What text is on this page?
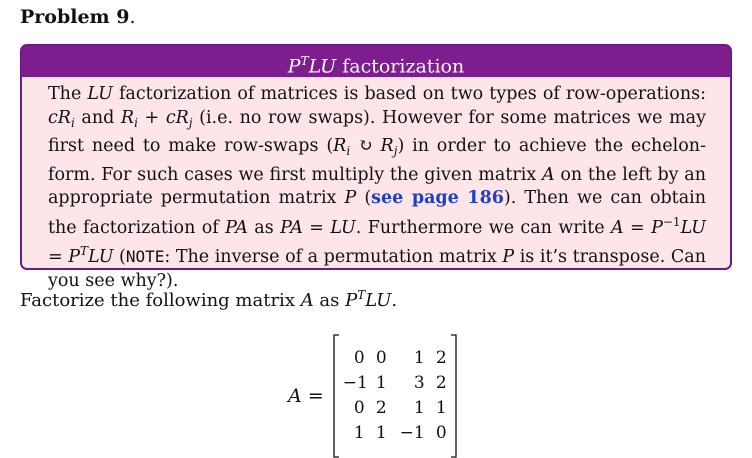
Problem 9.
$P^TLU$ factorization
The LU factorization of matrices is based on two types of row-operations: $cR_i$ and $R_i + cR_j$ (i.e. no row swaps). However for some matrices we may first need to make row-swaps ($R_i$ ↻ $R_j$) in order to achieve the echelon-form. For such cases we first multiply the given matrix A on the left by an appropriate permutation matrix P (see page 186). Then we can obtain the factorization of PA as PA = LU. Furthermore we can write $A = P^{-1}LU = P^TLU$ (NOTE: The inverse of a permutation matrix P is it’s transpose. Can you see why?).
Factorize the following matrix A as $P^TLU$.
A =
0 0	1 2
−1 1	3 2
0 2	1 1
1 1 −1 0
